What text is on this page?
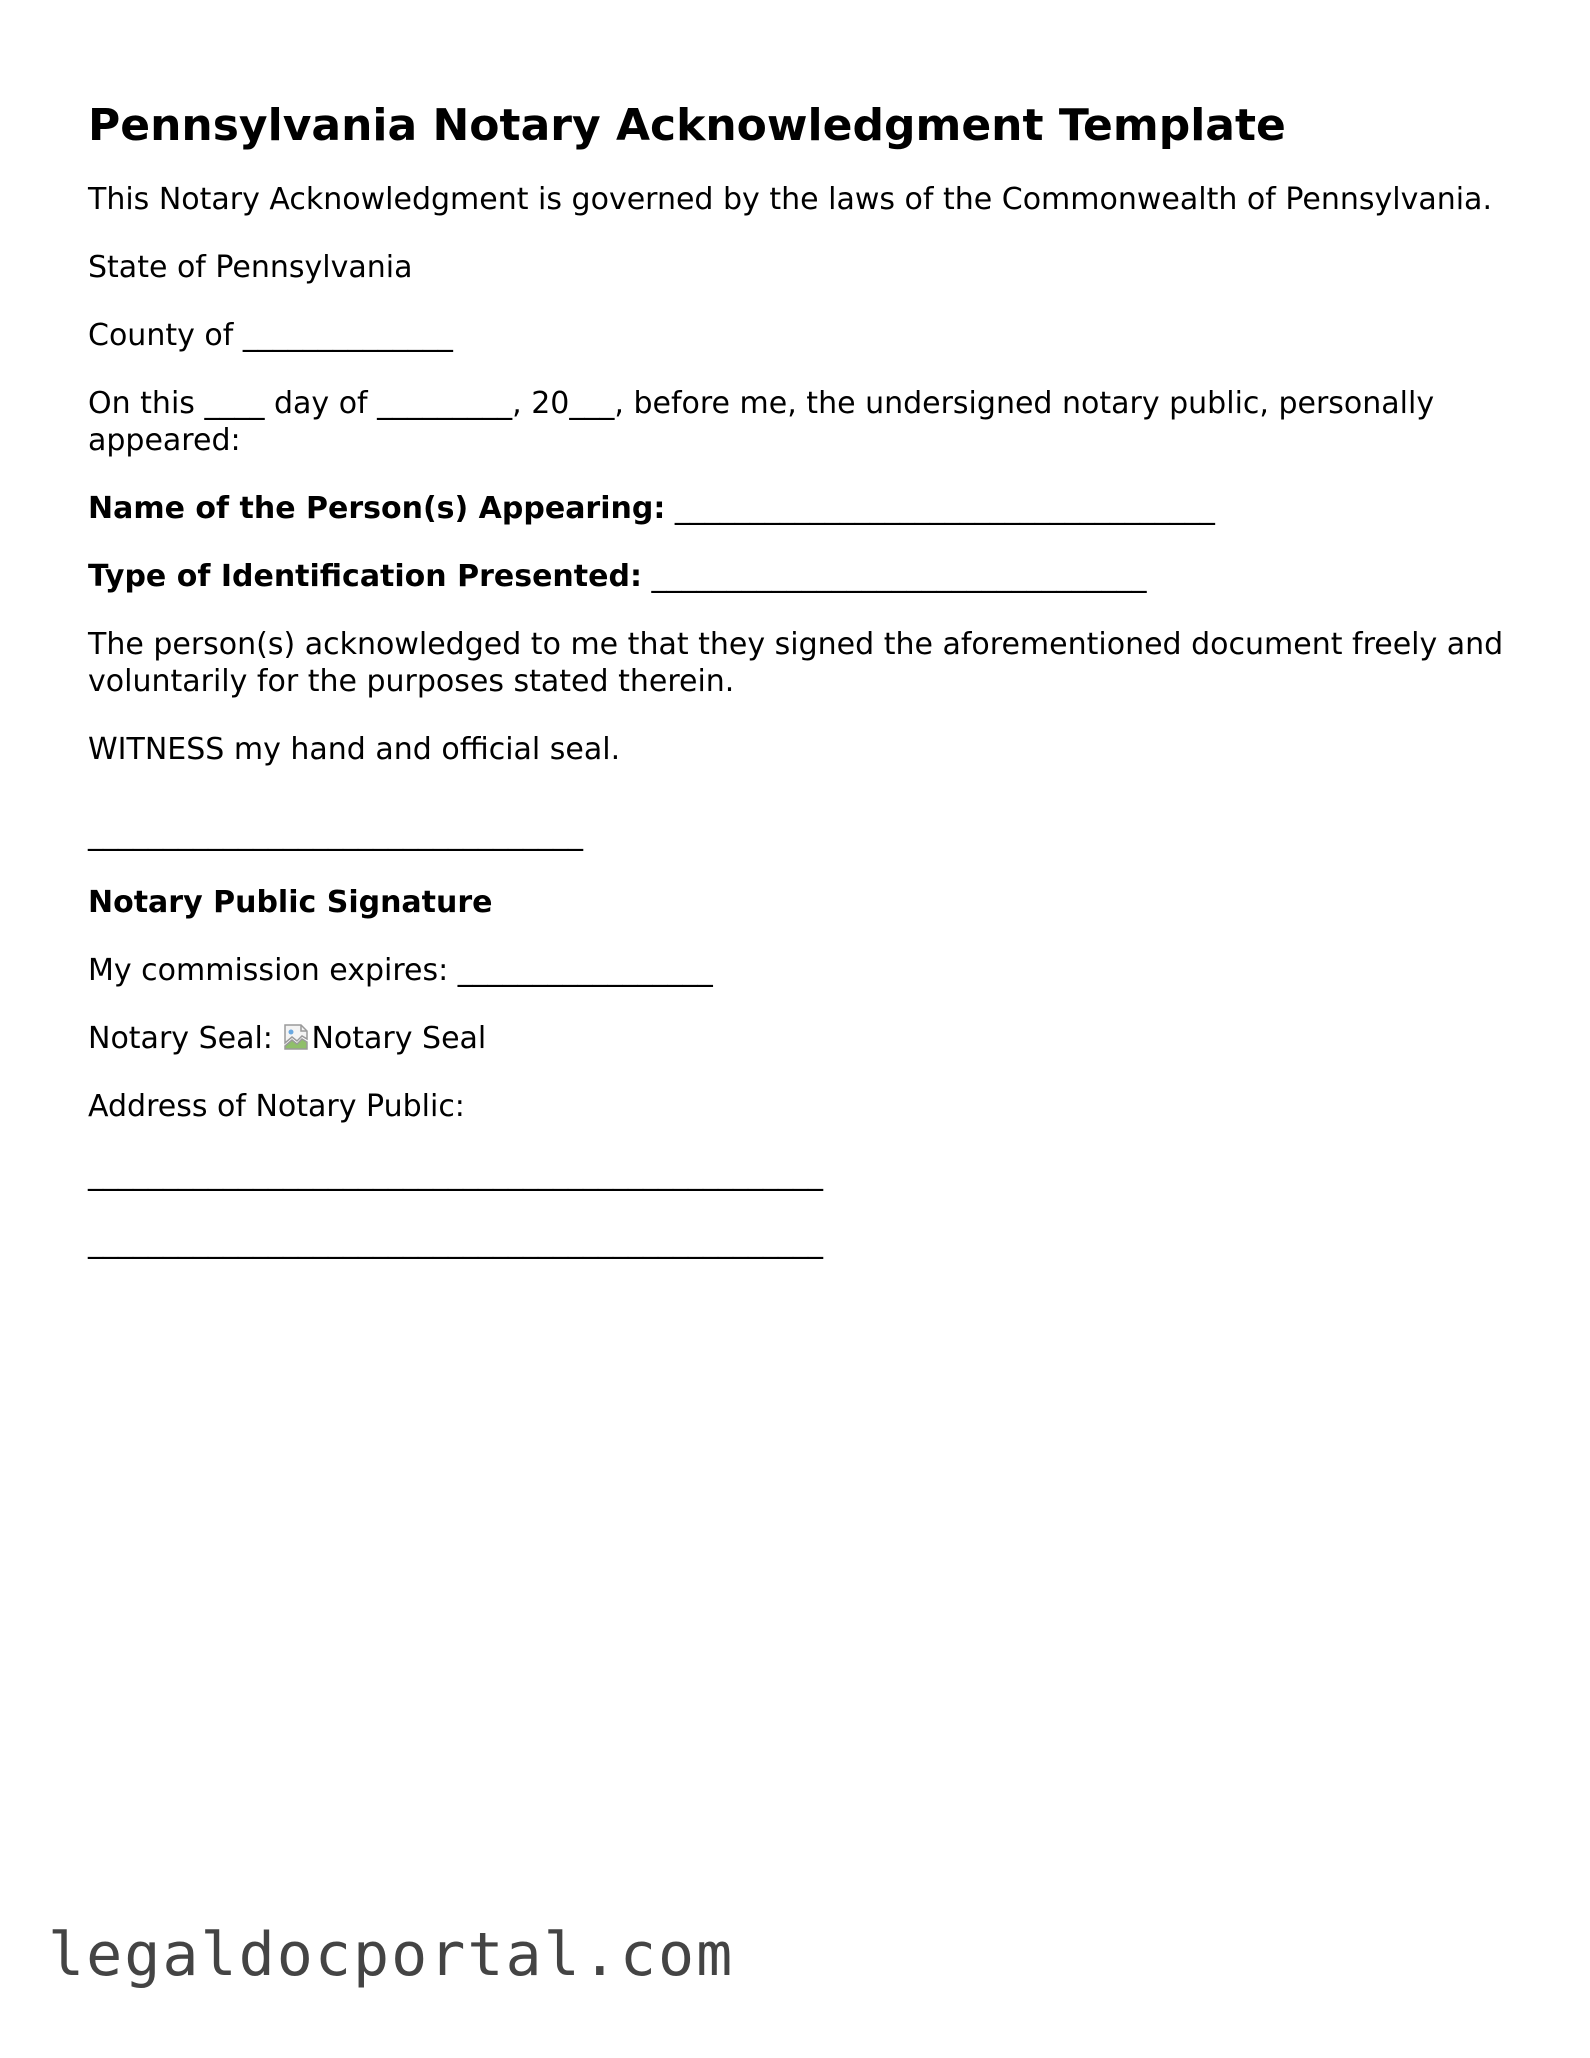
Pennsylvania Notary Acknowledgment Template

This Notary Acknowledgment is governed by the laws of the Commonwealth of Pennsylvania.

State of Pennsylvania

County of ______________

On this ____ day of _________, 20___, before me, the undersigned notary public, personally appeared:

Name of the Person(s) Appearing: ____________________________________

Type of Identification Presented: _________________________________

The person(s) acknowledged to me that they signed the aforementioned document freely and voluntarily for the purposes stated therein.

WITNESS my hand and official seal.

_________________________________

Notary Public Signature

My commission expires: _________________

Notary Seal: Notary Seal

Address of Notary Public:

_________________________________________________

_________________________________________________

legaldocportal.com
